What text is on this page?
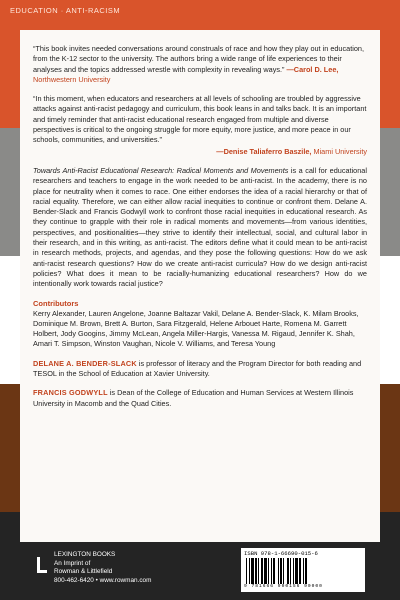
EDUCATION · ANTI-RACISM
“This book invites needed conversations around construals of race and how they play out in education, from the K-12 sector to the university. The authors bring a wide range of life experiences to their analyses and the topics addressed wrestle with complexity in revealing ways.” —Carol D. Lee, Northwestern University
“In this moment, when educators and researchers at all levels of schooling are troubled by aggressive attacks against anti-racist pedagogy and curriculum, this book leans in and talks back. It is an important and timely reminder that anti-racist educational research engaged from multiple and diverse perspectives is critical to the ongoing struggle for more equity, more justice, and more peace in our schools, communities, and universities.”
—Denise Taliaferro Baszile, Miami University

Towards Anti-Racist Educational Research: Radical Moments and Movements is a call for educational researchers and teachers to engage in the work needed to be anti-racist. In the academy, there is no place for neutrality when it comes to race. One either endorses the idea of a racial hierarchy or that of racial equality. Therefore, we can either allow racial inequities to continue or confront them. Delane A. Bender-Slack and Francis Godwyll work to confront those racial inequities in educational research. As they continue to grapple with their role in radical moments and movements—from various identities, perspectives, and positionalities—they strive to identify their intellectual, social, and cultural labor in their research, and in this writing, as anti-racist. The editors define what it could mean to be anti-racist in research methods, projects, and agendas, and they pose the following questions: How do we ask anti-racist research questions? How do we create anti-racist curricula? How do we design anti-racist policies? What does it mean to be racially-humanizing educational researchers? How do we intentionally work towards racial justice?

Contributors

Kerry Alexander, Lauren Angelone, Joanne Baltazar Vakil, Delane A. Bender-Slack, K. Milam Brooks, Dominique M. Brown, Brett A. Burton, Sara Fitzgerald, Helene Arbouet Harte, Romena M. Garrett Holbert, Jody Googins, Jimmy McLean, Angela Miller-Hargis, Vanessa M. Rigaud, Jennifer K. Shah, Amari T. Simpson, Winston Vaughan, Nicole V. Williams, and Teresa Young

DELANE A. BENDER-SLACK is professor of literacy and the Program Director for both reading and TESOL in the School of Education at Xavier University.

FRANCIS GODWYLL is Dean of the College of Education and Human Services at Western Illinois University in Macomb and the Quad Cities.

LEXINGTON BOOKS
An Imprint of
Rowman & Littlefield
800-462-6420 • www.rowman.com
ISBN 978-1-66690-015-6
9 781666 900156 90000
